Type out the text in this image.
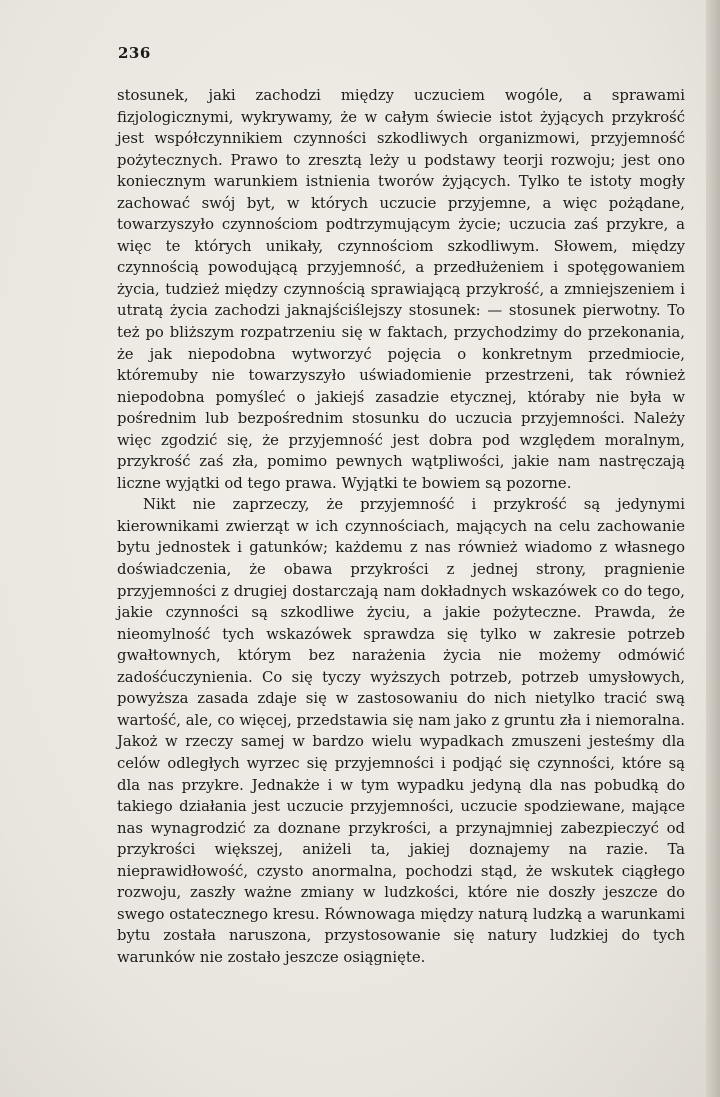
236

stosunek, jaki zachodzi między uczuciem wogóle, a sprawami fizjologicznymi, wykrywamy, że w całym świecie istot żyjących przykrość jest współczynnikiem czynności szkodliwych organizmowi, przyjemność pożytecznych. Prawo to zresztą leży u podstawy teorji rozwoju; jest ono koniecznym warunkiem istnienia tworów żyjących. Tylko te istoty mogły zachować swój byt, w których uczucie przyjemne, a więc pożądane, towarzyszyło czynnościom podtrzymującym życie; uczucia zaś przykre, a więc te których unikały, czynnościom szkodliwym. Słowem, między czynnością powodującą przyjemność, a przedłużeniem i spotęgowaniem życia, tudzież między czynnością sprawiającą przykrość, a zmniejszeniem i utratą życia zachodzi jaknajściślejszy stosunek: — stosunek pierwotny. To też po bliższym rozpatrzeniu się w faktach, przychodzimy do przekonania, że jak niepodobna wytworzyć pojęcia o konkretnym przedmiocie, któremuby nie towarzyszyło uświadomienie przestrzeni, tak również niepodobna pomyśleć o jakiejś zasadzie etycznej, któraby nie była w pośrednim lub bezpośrednim stosunku do uczucia przyjemności. Należy więc zgodzić się, że przyjemność jest dobra pod względem moralnym, przykrość zaś zła, pomimo pewnych wątpliwości, jakie nam nastręczają liczne wyjątki od tego prawa. Wyjątki te bowiem są pozorne.

Nikt nie zaprzeczy, że przyjemność i przykrość są jedynymi kierownikami zwierząt w ich czynnościach, mających na celu zachowanie bytu jednostek i gatunków; każdemu z nas również wiadomo z własnego doświadczenia, że obawa przykrości z jednej strony, pragnienie przyjemności z drugiej dostarczają nam dokładnych wskazówek co do tego, jakie czynności są szkodliwe życiu, a jakie pożyteczne. Prawda, że nieomylność tych wskazówek sprawdza się tylko w zakresie potrzeb gwałtownych, którym bez narażenia życia nie możemy odmówić zadośćuczynienia. Co się tyczy wyższych potrzeb, potrzeb umysłowych, powyższa zasada zdaje się w zastosowaniu do nich nietylko tracić swą wartość, ale, co więcej, przedstawia się nam jako z gruntu zła i niemoralna. Jakoż w rzeczy samej w bardzo wielu wypadkach zmuszeni jesteśmy dla celów odległych wyrzec się przyjemności i podjąć się czynności, które są dla nas przykre. Jednakże i w tym wypadku jedyną dla nas pobudką do takiego działania jest uczucie przyjemności, uczucie spodziewane, mające nas wynagrodzić za doznane przykrości, a przynajmniej zabezpieczyć od przykrości większej, aniżeli ta, jakiej doznajemy na razie. Ta nieprawidłowość, czysto anormalna, pochodzi stąd, że wskutek ciągłego rozwoju, zaszły ważne zmiany w ludzkości, które nie doszły jeszcze do swego ostatecznego kresu. Równowaga między naturą ludzką a warunkami bytu została naruszona, przystosowanie się natury ludzkiej do tych warunków nie zostało jeszcze osiągnięte.
